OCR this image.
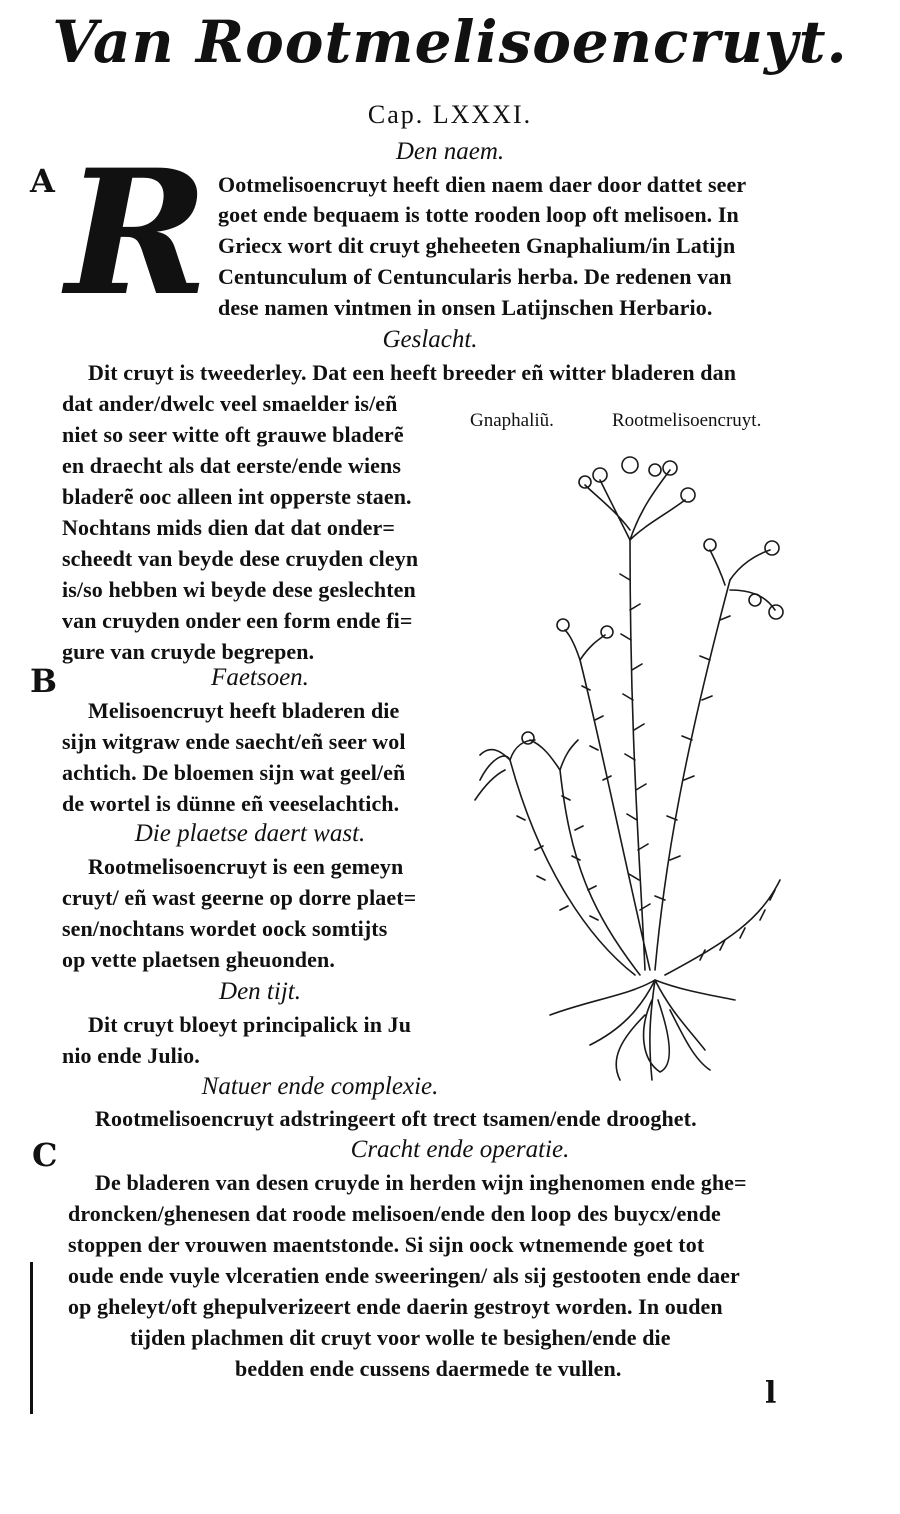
Van Rootmelisoencruyt.
Cap. LXXXI.
Den naem.
A R Ootmelisoencruyt heeft dien naem daer door dattet seer
goet ende bequaem is totte rooden loop oft melisoen. In
Griecx wort dit cruyt gheheeten Gnaphalium/in Latijn
Centunculum of Centuncularis herba. De redenen van
dese namen vintmen in onsen Latijnschen Herbario.
Geslacht.
Dit cruyt is tweederley. Dat een heeft breeder eñ witter bladeren dan
dat ander/dwelc veel smaelder is/eñ
niet so seer witte oft grauwe bladerẽ
en draecht als dat eerste/ende wiens
bladerẽ ooc alleen int opperste staen.
Nochtans mids dien dat dat onder=
scheedt van beyde dese cruyden cleyn
is/so hebben wi beyde dese geslechten
van cruyden onder een form ende fi=
gure van cruyde begrepen.
Gnaphaliũ.	Rootmelisoencruyt.
B	Faetsoen.
Melisoencruyt heeft bladeren die
sijn witgraw ende saecht/eñ seer wol
achtich. De bloemen sijn wat geel/eñ
de wortel is dünne eñ veeselachtich.
Die plaetse daert wast.
Rootmelisoencruyt is een gemeyn
cruyt/ eñ wast geerne op dorre plaet=
sen/nochtans wordet oock somtijts
op vette plaetsen gheuonden.
Den tijt.
Dit cruyt bloeyt principalick in Ju
nio ende Julio.
Natuer ende complexie.
Rootmelisoencruyt adstringeert oft trect tsamen/ende drooghet.
C	Cracht ende operatie.
De bladeren van desen cruyde in herden wijn inghenomen ende ghe=
droncken/ghenesen dat roode melisoen/ende den loop des buycx/ende
stoppen der vrouwen maentstonde. Si sijn oock wtnemende goet tot
oude ende vuyle vlceratien ende sweeringen/ als sij gestooten ende daer
op gheleyt/oft ghepulverizeert ende daerin gestroyt worden. In ouden
tijden plachmen dit cruyt voor wolle te besighen/ende die
bedden ende cussens daermede te vullen.
l
